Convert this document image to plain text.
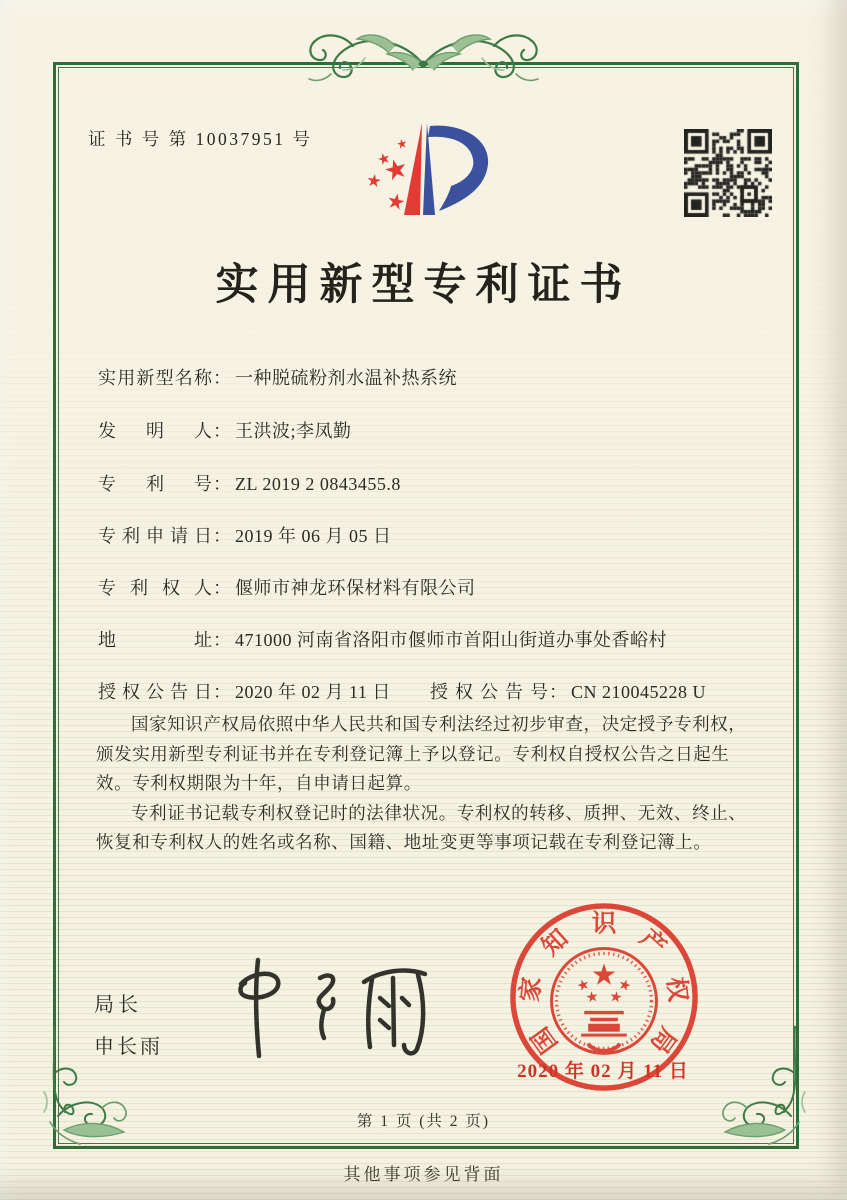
证 书 号 第 10037951 号
实用新型专利证书
实用新型名称： 一种脱硫粉剂水温补热系统
发明人： 王洪波;李凤勤
专利号： ZL 2019 2 0843455.8
专利申请日： 2019 年 06 月 05 日
专利权人： 偃师市神龙环保材料有限公司
地址： 471000 河南省洛阳市偃师市首阳山街道办事处香峪村
授权公告日： 2020 年 02 月 11 日 授权公告号： CN 210045228 U

国家知识产权局依照中华人民共和国专利法经过初步审查，决定授予专利权，颁发实用新型专利证书并在专利登记簿上予以登记。专利权自授权公告之日起生效。专利权期限为十年，自申请日起算。

专利证书记载专利权登记时的法律状况。专利权的转移、质押、无效、终止、恢复和专利权人的姓名或名称、国籍、地址变更等事项记载在专利登记簿上。

局长
申长雨	国
家
知
识
产
权
局
2020 年 02 月 11 日
第 1 页 (共 2 页)
其他事项参见背面
